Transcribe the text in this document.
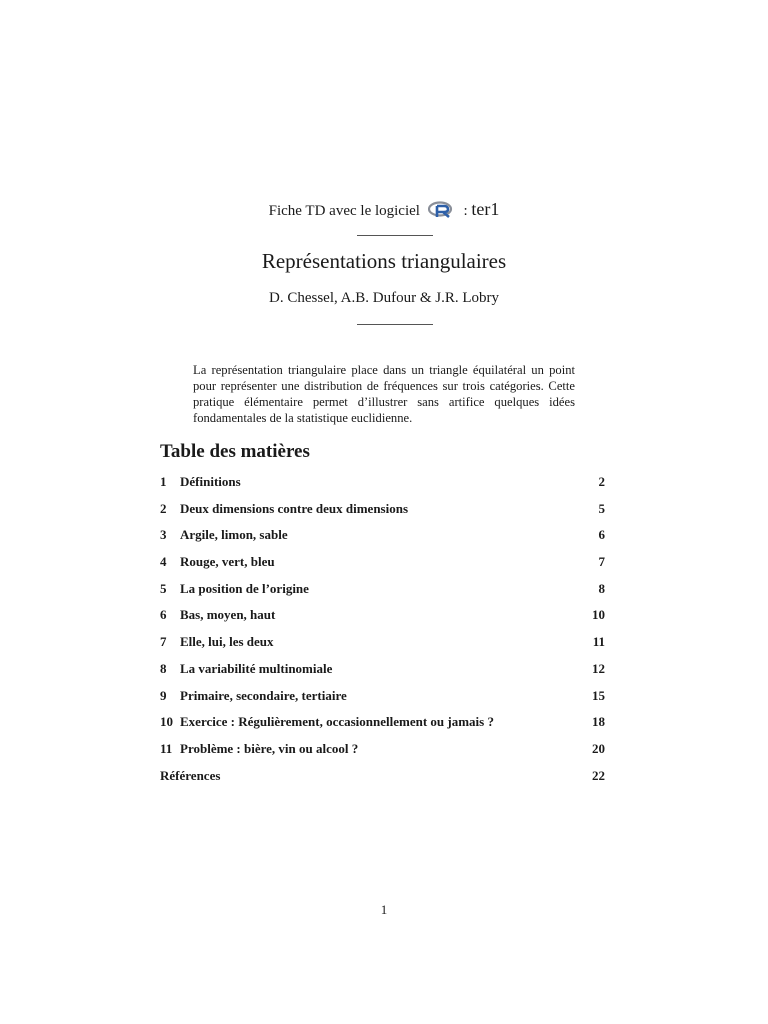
Fiche TD avec le logiciel	: ter1
Représentations triangulaires
D. Chessel, A.B. Dufour & J.R. Lobry

La représentation triangulaire place dans un triangle équilatéral un point pour représenter une distribution de fréquences sur trois catégories. Cette pratique élémentaire permet d’illustrer sans artifice quelques idées fondamentales de la statistique euclidienne.

Table des matières
1 Définitions	2
2 Deux dimensions contre deux dimensions	5
3 Argile, limon, sable	6
4 Rouge, vert, bleu	7
5 La position de l’origine	8
6 Bas, moyen, haut	10
7 Elle, lui, les deux	11
8 La variabilité multinomiale	12
9 Primaire, secondaire, tertiaire	15
10 Exercice : Régulièrement, occasionnellement ou jamais ?	18
11 Problème : bière, vin ou alcool ?	20
Références	22
1
